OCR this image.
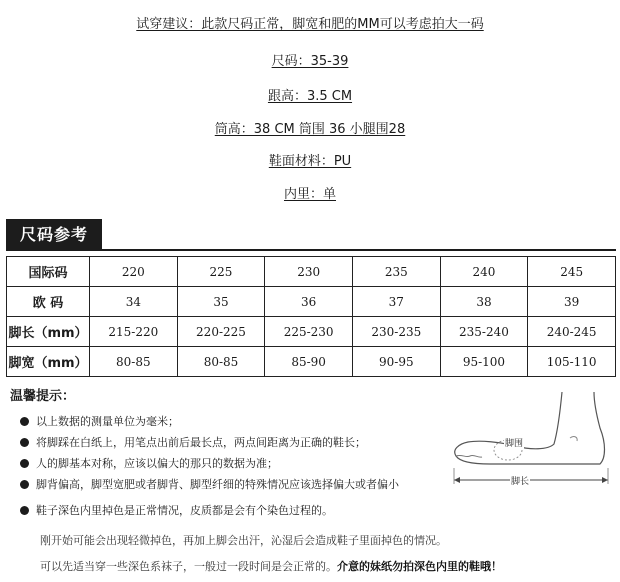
试穿建议：此款尺码正常，脚宽和肥的MM可以考虑拍大一码
尺码：35-39
跟高：3.5 CM
筒高：38 CM 筒围 36 小腿围28
鞋面材料：PU
内里：单
尺码参考
国际码	220	225	230	235	240	245
欧 码	34	35	36	37	38	39
脚长（mm）	215-220	220-225	225-230	230-235	235-240	240-245
脚宽（mm）	80-85	80-85	85-90	90-95	95-100	105-110
温馨提示：
以上数据的测量单位为毫米；
将脚踩在白纸上，用笔点出前后最长点，两点间距离为正确的鞋长；
人的脚基本对称，应该以偏大的那只的数据为准；
脚背偏高，脚型宽肥或者脚背、脚型纤细的特殊情况应该选择偏大或者偏小
鞋子深色内里掉色是正常情况，皮质都是会有个染色过程的。
刚开始可能会出现轻微掉色，再加上脚会出汗，沁湿后会造成鞋子里面掉色的情况。
可以先适当穿一些深色系袜子，一般过一段时间是会正常的。介意的妹纸勿拍深色内里的鞋哦！
脚围
脚长
